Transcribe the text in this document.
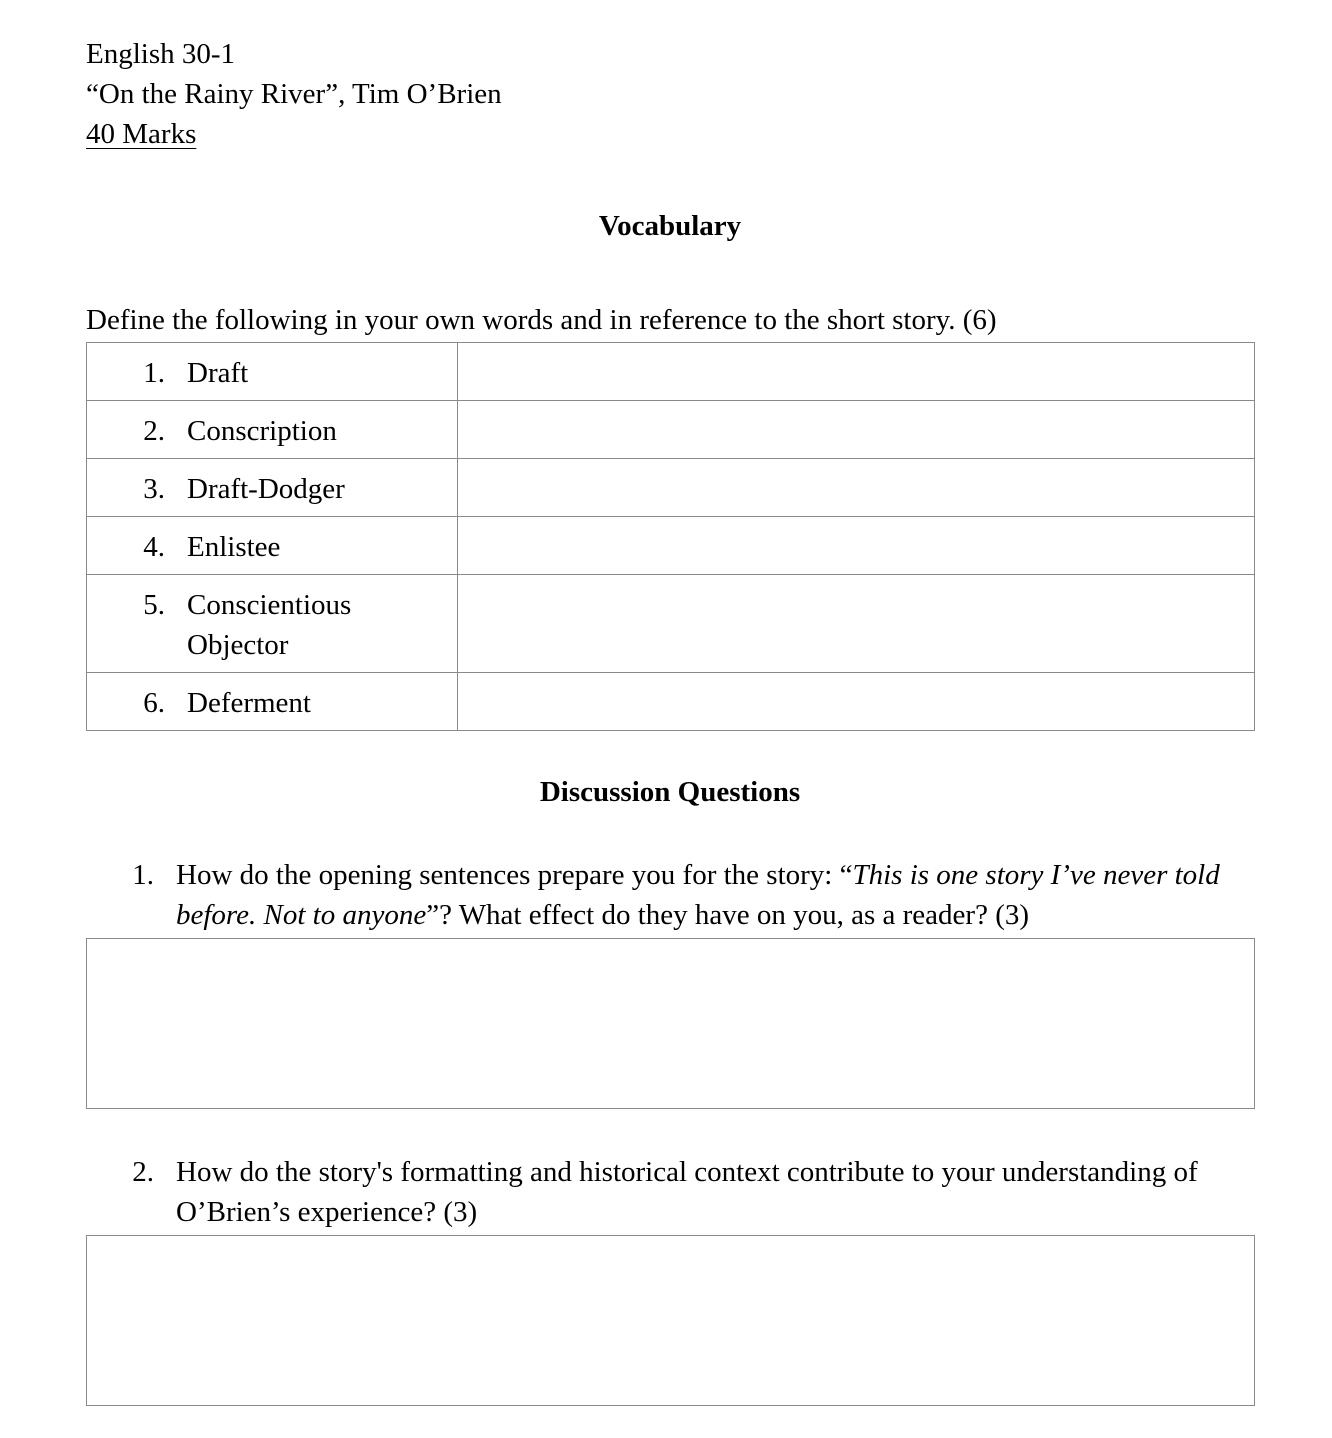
English 30-1
“On the Rainy River”, Tim O’Brien
40 Marks
Vocabulary
Define the following in your own words and in reference to the short story. (6)
1. Draft	

2. Conscription	

3. Draft-Dodger	

4. Enlistee	

5. Conscientious Objector	

6. Deferment	

Discussion Questions
1. How do the opening sentences prepare you for the story: “This is one story I’ve never told before. Not to anyone”? What effect do they have on you, as a reader? (3)
2. How do the story's formatting and historical context contribute to your understanding of O’Brien’s experience? (3)
